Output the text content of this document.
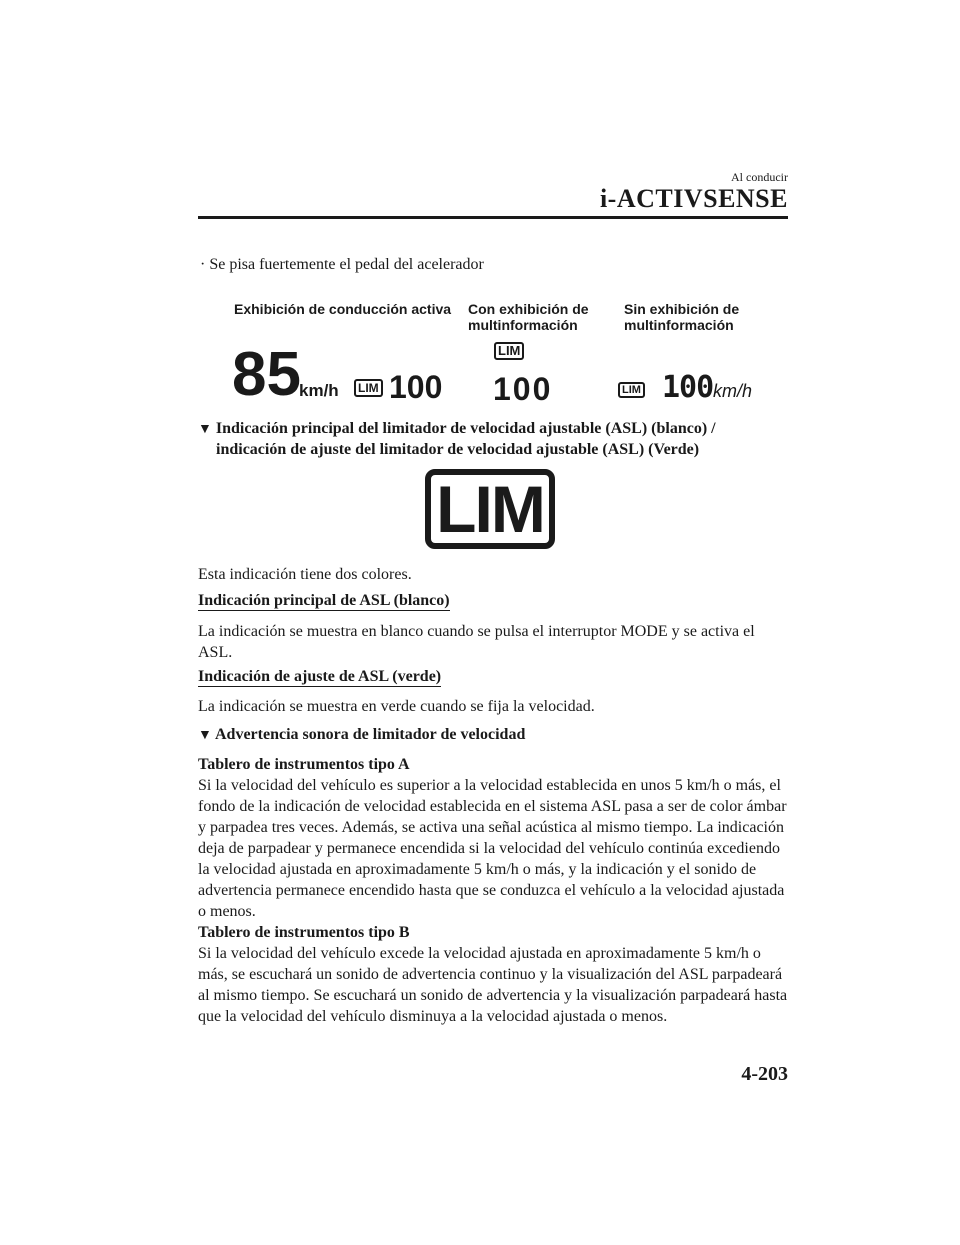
Al conducir
i-ACTIVSENSE
· Se pisa fuertemente el pedal del acelerador
Exhibición de conducción activa Con exhibición de multinformación
Sin exhibición de multinformación
85
km/h	LIM 100
LIM
100	LIM 100 km/h
▼ Indicación principal del limitador de velocidad ajustable (ASL) (blanco) /
indicación de ajuste del limitador de velocidad ajustable (ASL) (Verde)
LIM
Esta indicación tiene dos colores.
Indicación principal de ASL (blanco)
La indicación se muestra en blanco cuando se pulsa el interruptor MODE y se activa el ASL.
Indicación de ajuste de ASL (verde)
La indicación se muestra en verde cuando se fija la velocidad.
▼ Advertencia sonora de limitador de velocidad
Tablero de instrumentos tipo A
Si la velocidad del vehículo es superior a la velocidad establecida en unos 5 km/h o más, el fondo de la indicación de velocidad establecida en el sistema ASL pasa a ser de color ámbar y parpadea tres veces. Además, se activa una señal acústica al mismo tiempo. La indicación deja de parpadear y permanece encendida si la velocidad del vehículo continúa excediendo la velocidad ajustada en aproximadamente 5 km/h o más, y la indicación y el sonido de advertencia permanece encendido hasta que se conduzca el vehículo a la velocidad ajustada o menos.
Tablero de instrumentos tipo B
Si la velocidad del vehículo excede la velocidad ajustada en aproximadamente 5 km/h o más, se escuchará un sonido de advertencia continuo y la visualización del ASL parpadeará al mismo tiempo. Se escuchará un sonido de advertencia y la visualización parpadeará hasta que la velocidad del vehículo disminuya a la velocidad ajustada o menos.
4-203
